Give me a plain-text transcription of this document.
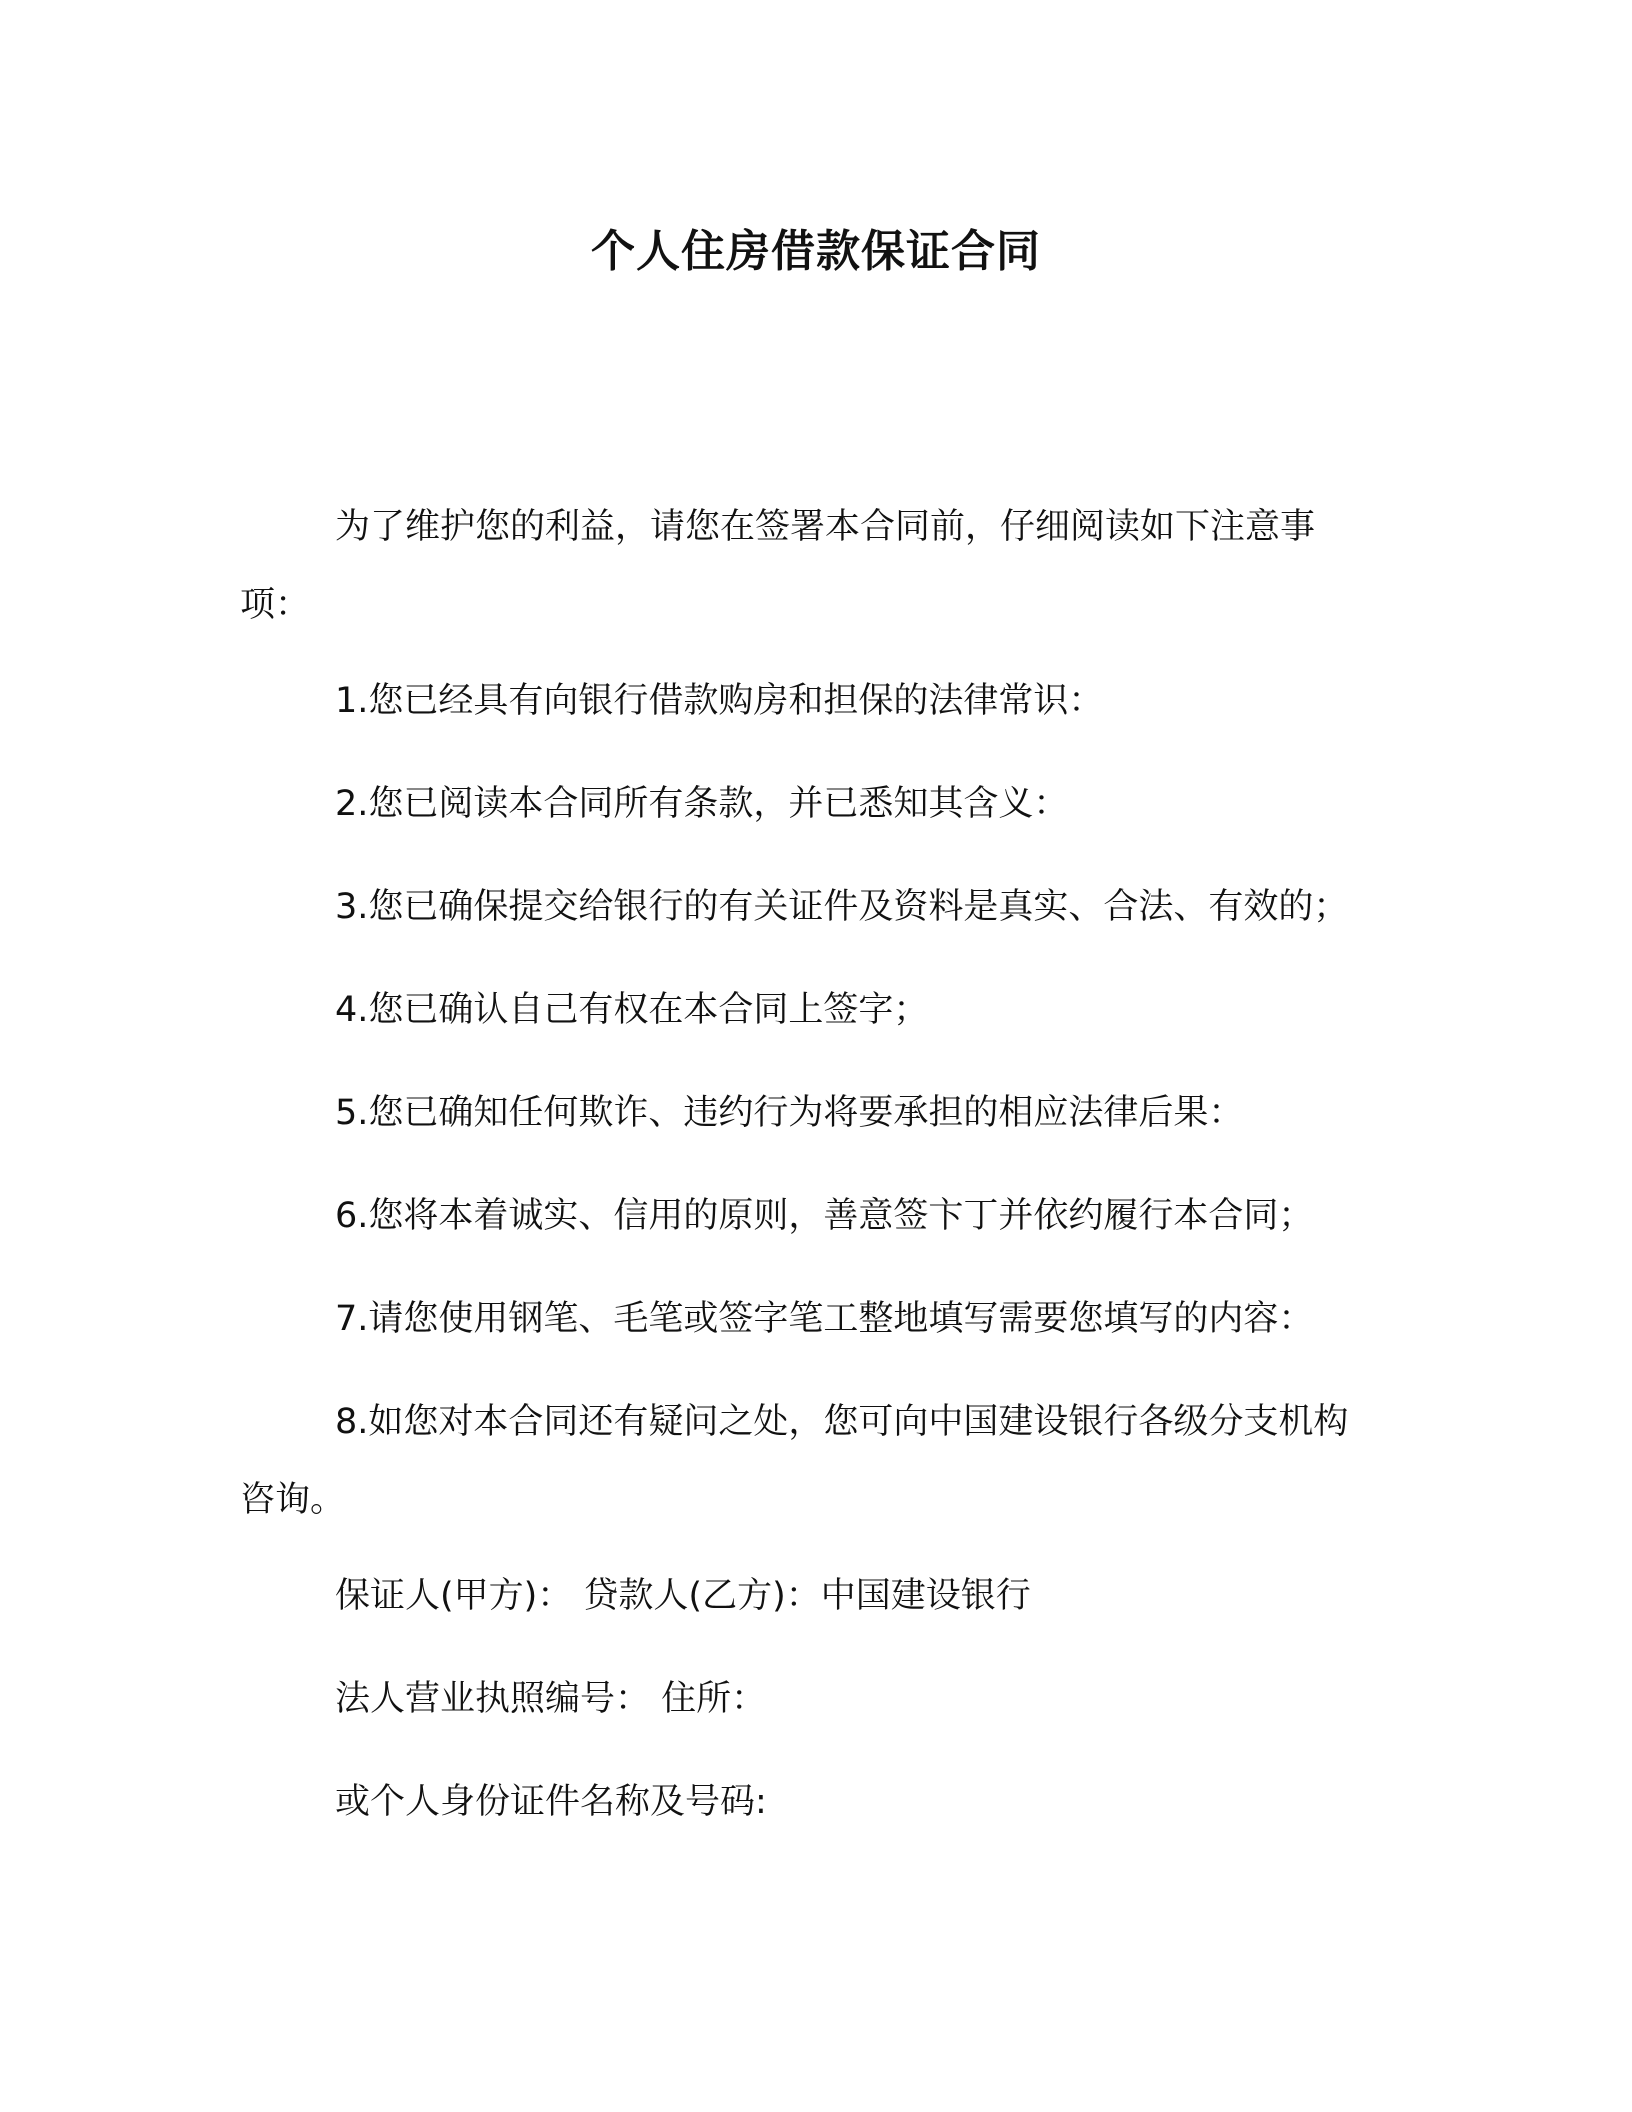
个人住房借款保证合同

为了维护您的利益，请您在签署本合同前，仔细阅读如下注意事项：

1.您已经具有向银行借款购房和担保的法律常识：

2.您已阅读本合同所有条款，并已悉知其含义：

3.您已确保提交给银行的有关证件及资料是真实、合法、有效的；

4.您已确认自己有权在本合同上签字；

5.您已确知任何欺诈、违约行为将要承担的相应法律后果：

6.您将本着诚实、信用的原则，善意签卞丁并依约履行本合同；

7.请您使用钢笔、毛笔或签字笔工整地填写需要您填写的内容：

8.如您对本合同还有疑问之处，您可向中国建设银行各级分支机构咨询。

保证人(甲方)： 贷款人(乙方)：中国建设银行

法人营业执照编号： 住所：

或个人身份证件名称及号码:
